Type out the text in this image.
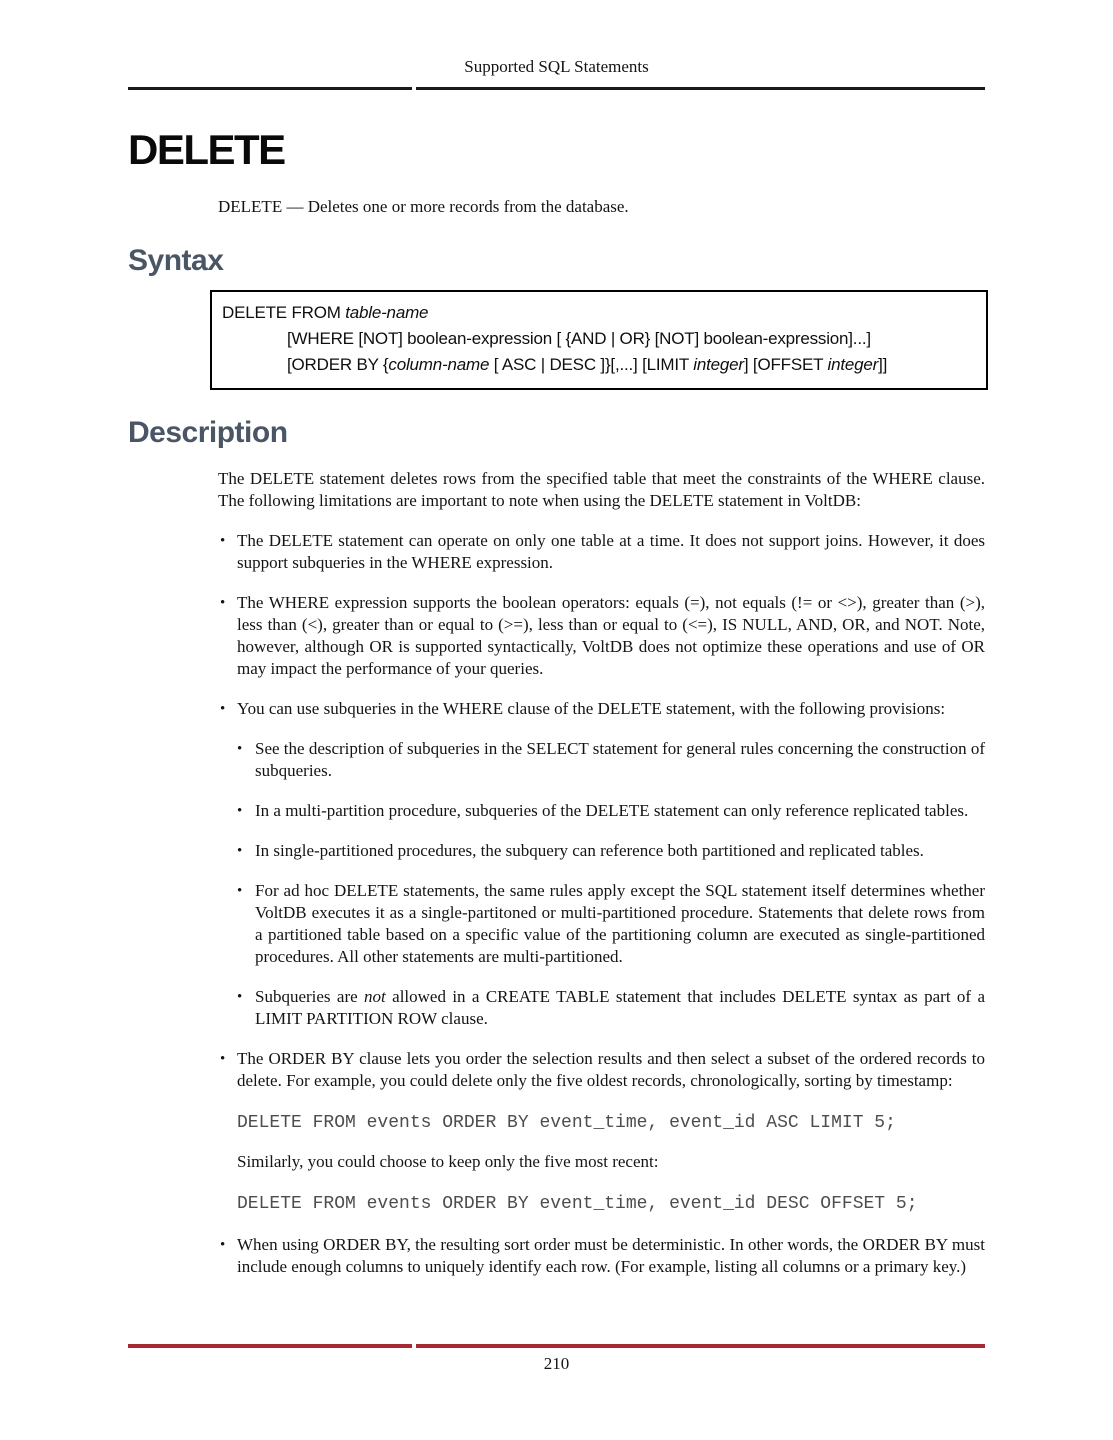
Supported SQL Statements
DELETE

DELETE — Deletes one or more records from the database.

Syntax
DELETE FROM table-name
[WHERE [NOT] boolean-expression [ {AND | OR} [NOT] boolean-expression]...]
[ORDER BY {column-name [ ASC | DESC ]}[,...] [LIMIT integer] [OFFSET integer]]
Description

The DELETE statement deletes rows from the specified table that meet the constraints of the WHERE clause. The following limitations are important to note when using the DELETE statement in VoltDB:

• The DELETE statement can operate on only one table at a time. It does not support joins. However, it does support subqueries in the WHERE expression.

• The WHERE expression supports the boolean operators: equals (=), not equals (!= or <>), greater than (>), less than (<), greater than or equal to (>=), less than or equal to (<=), IS NULL, AND, OR, and NOT. Note, however, although OR is supported syntactically, VoltDB does not optimize these operations and use of OR may impact the performance of your queries.

• You can use subqueries in the WHERE clause of the DELETE statement, with the following provisions:

• See the description of subqueries in the SELECT statement for general rules concerning the construction of subqueries.

• In a multi-partition procedure, subqueries of the DELETE statement can only reference replicated tables.

• In single-partitioned procedures, the subquery can reference both partitioned and replicated tables.

• For ad hoc DELETE statements, the same rules apply except the SQL statement itself determines whether VoltDB executes it as a single-partitoned or multi-partitioned procedure. Statements that delete rows from a partitioned table based on a specific value of the partitioning column are executed as single-partitioned procedures. All other statements are multi-partitioned.

• Subqueries are not allowed in a CREATE TABLE statement that includes DELETE syntax as part of a LIMIT PARTITION ROW clause.

• The ORDER BY clause lets you order the selection results and then select a subset of the ordered records to delete. For example, you could delete only the five oldest records, chronologically, sorting by timestamp:

DELETE FROM events ORDER BY event_time, event_id ASC LIMIT 5;

Similarly, you could choose to keep only the five most recent:

DELETE FROM events ORDER BY event_time, event_id DESC OFFSET 5;
• When using ORDER BY, the resulting sort order must be deterministic. In other words, the ORDER BY must include enough columns to uniquely identify each row. (For example, listing all columns or a primary key.)

210
